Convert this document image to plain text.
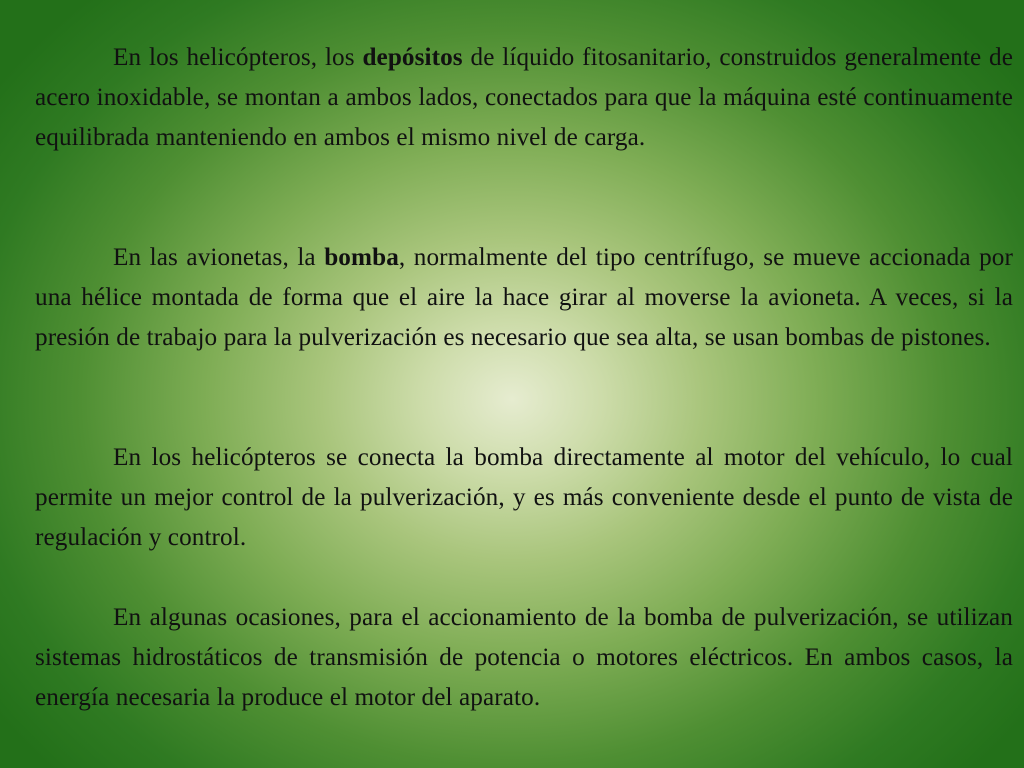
En los helicópteros, los depósitos de líquido fitosanitario, construidos generalmente de acero inoxidable, se montan a ambos lados, conectados para que la máquina esté continuamente equilibrada manteniendo en ambos el mismo nivel de carga.

En las avionetas, la bomba, normalmente del tipo centrífugo, se mueve accionada por una hélice montada de forma que el aire la hace girar al moverse la avioneta. A veces, si la presión de trabajo para la pulverización es necesario que sea alta, se usan bombas de pistones.

En los helicópteros se conecta la bomba directamente al motor del vehículo, lo cual permite un mejor control de la pulverización, y es más conveniente desde el punto de vista de regulación y control.

En algunas ocasiones, para el accionamiento de la bomba de pulverización, se utilizan sistemas hidrostáticos de transmisión de potencia o motores eléctricos. En ambos casos, la energía necesaria la produce el motor del aparato.
